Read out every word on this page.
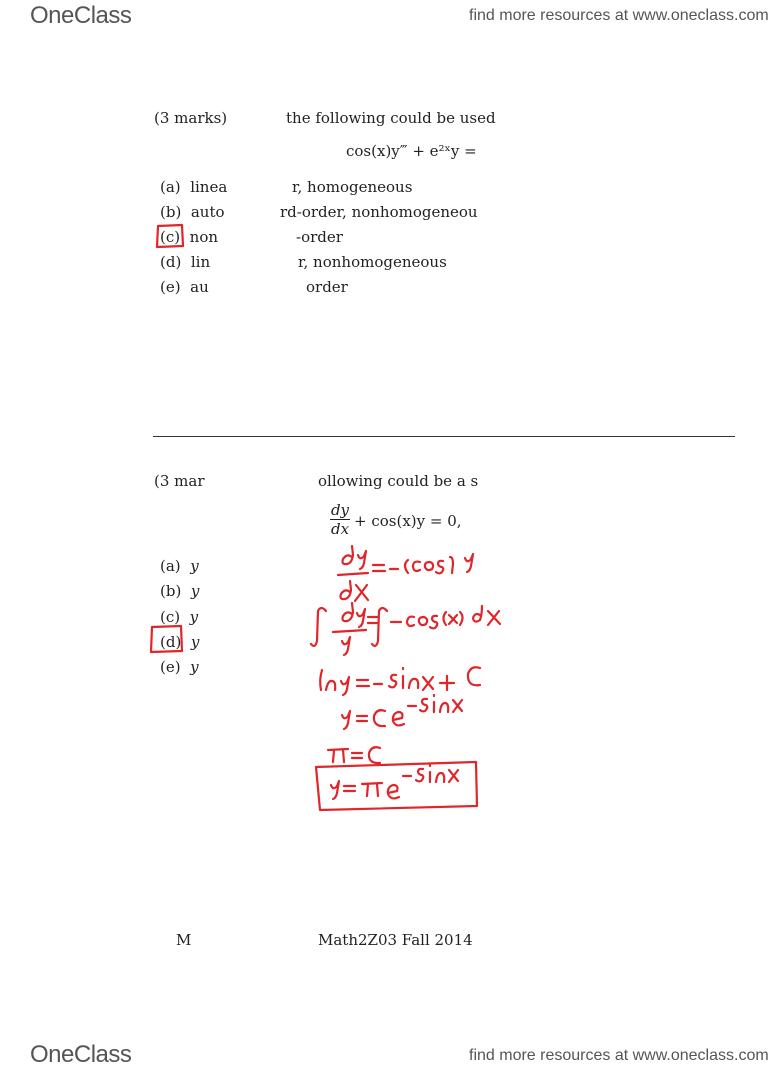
OneClass	find more resources at www.oneclass.com
(3 marks)	the following could be used
cos(x)y‴ + e²ˣy =
(a) linea	r, homogeneous
(b) auto	rd-order, nonhomogeneou
(c) non	-order
(d) lin	r, nonhomogeneous
(e) au	order
(3 mar	ollowing could be a s
dy
dx + cos(x)y = 0,
(a) y
(b) y
(c) y
(d) y
(e) y
M	Math2Z03 Fall 2014
OneClass	find more resources at www.oneclass.com
